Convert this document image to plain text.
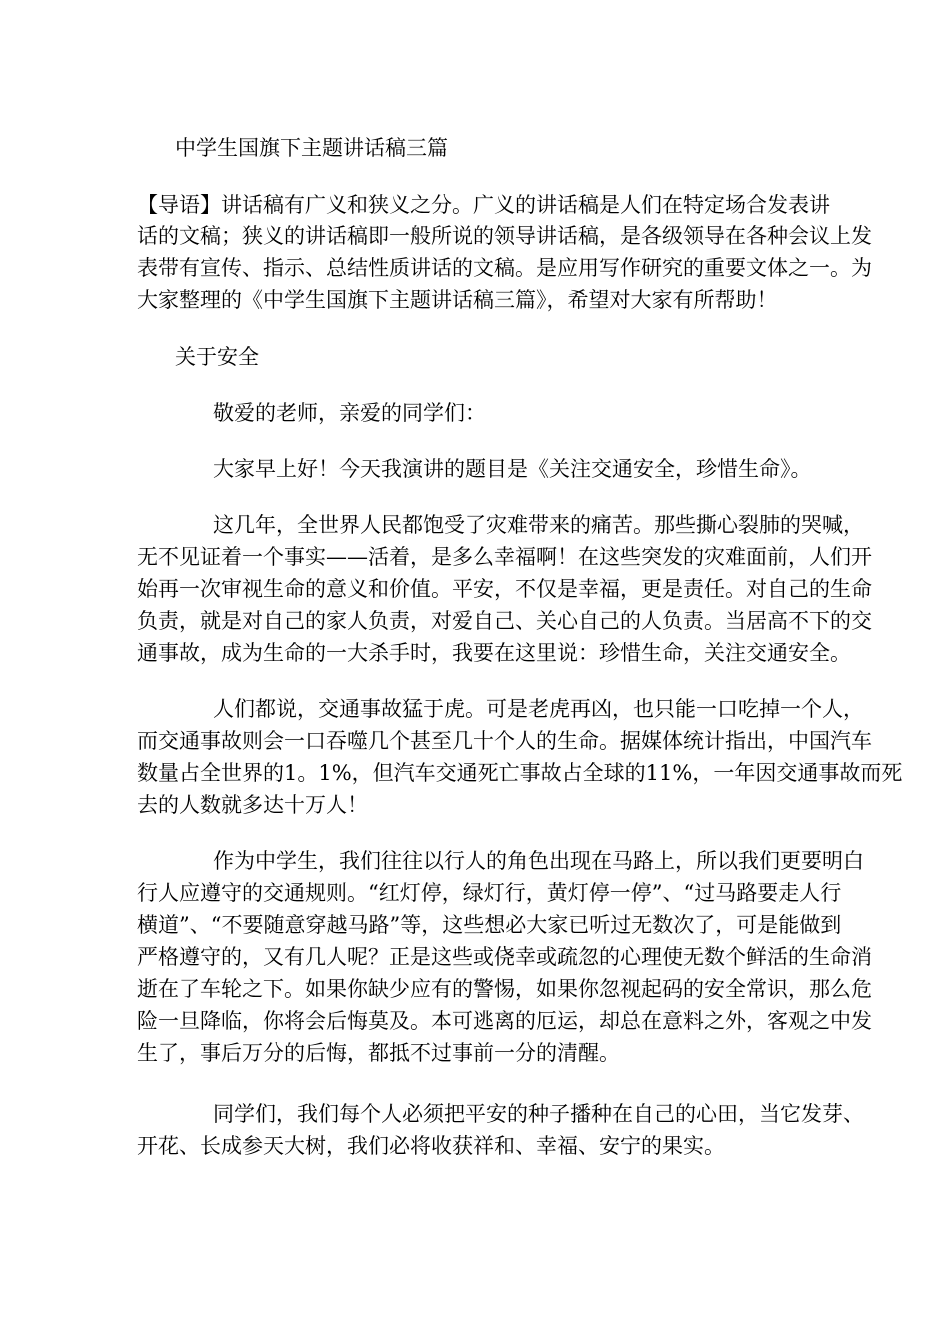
中学生国旗下主题讲话稿三篇
【导语】讲话稿有广义和狭义之分。广义的讲话稿是人们在特定场合发表讲
话的文稿；狭义的讲话稿即一般所说的领导讲话稿，是各级领导在各种会议上发
表带有宣传、指示、总结性质讲话的文稿。是应用写作研究的重要文体之一。为
大家整理的《中学生国旗下主题讲话稿三篇》，希望对大家有所帮助！
关于安全
敬爱的老师，亲爱的同学们：
大家早上好！今天我演讲的题目是《关注交通安全，珍惜生命》。
这几年，全世界人民都饱受了灾难带来的痛苦。那些撕心裂肺的哭喊，
无不见证着一个事实——活着，是多么幸福啊！在这些突发的灾难面前，人们开
始再一次审视生命的意义和价值。平安，不仅是幸福，更是责任。对自己的生命
负责，就是对自己的家人负责，对爱自己、关心自己的人负责。当居高不下的交
通事故，成为生命的一大杀手时，我要在这里说：珍惜生命，关注交通安全。
人们都说，交通事故猛于虎。可是老虎再凶，也只能一口吃掉一个人，
而交通事故则会一口吞噬几个甚至几十个人的生命。据媒体统计指出，中国汽车
数量占全世界的1。1%，但汽车交通死亡事故占全球的11%，一年因交通事故而死
去的人数就多达十万人！
作为中学生，我们往往以行人的角色出现在马路上，所以我们更要明白
行人应遵守的交通规则。“红灯停，绿灯行，黄灯停一停”、“过马路要走人行
横道”、“不要随意穿越马路”等，这些想必大家已听过无数次了，可是能做到
严格遵守的，又有几人呢？正是这些或侥幸或疏忽的心理使无数个鲜活的生命消
逝在了车轮之下。如果你缺少应有的警惕，如果你忽视起码的安全常识，那么危
险一旦降临，你将会后悔莫及。本可逃离的厄运，却总在意料之外，客观之中发
生了，事后万分的后悔，都抵不过事前一分的清醒。
同学们，我们每个人必须把平安的种子播种在自己的心田，当它发芽、
开花、长成参天大树，我们必将收获祥和、幸福、安宁的果实。
